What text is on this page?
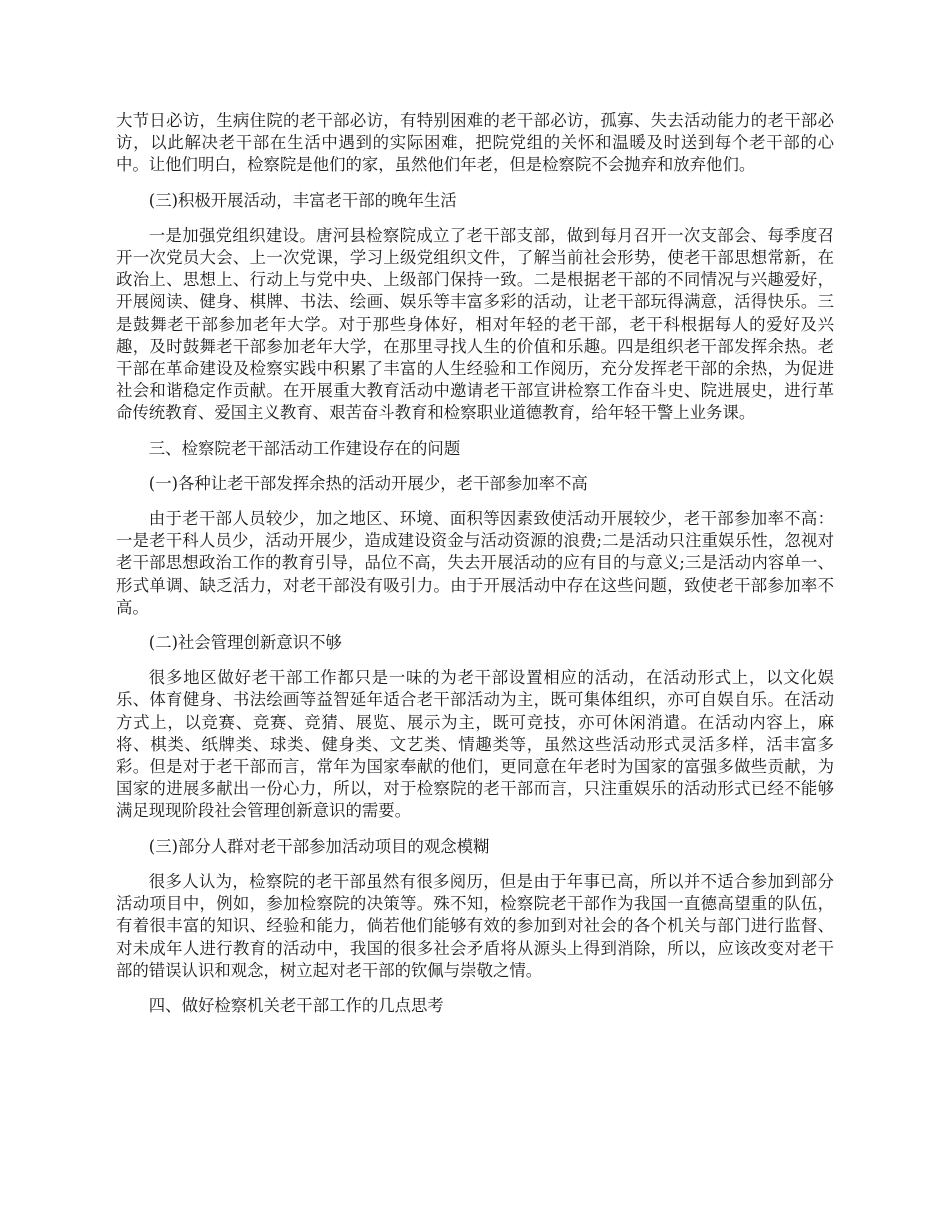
大节日必访，生病住院的老干部必访，有特别困难的老干部必访，孤寡、失去活动能力的老干部必访，以此解决老干部在生活中遇到的实际困难，把院党组的关怀和温暖及时送到每个老干部的心中。让他们明白，检察院是他们的家，虽然他们年老，但是检察院不会抛弃和放弃他们。

(三)积极开展活动，丰富老干部的晚年生活

一是加强党组织建设。唐河县检察院成立了老干部支部，做到每月召开一次支部会、每季度召开一次党员大会、上一次党课，学习上级党组织文件，了解当前社会形势，使老干部思想常新，在政治上、思想上、行动上与党中央、上级部门保持一致。二是根据老干部的不同情况与兴趣爱好，开展阅读、健身、棋牌、书法、绘画、娱乐等丰富多彩的活动，让老干部玩得满意，活得快乐。三是鼓舞老干部参加老年大学。对于那些身体好，相对年轻的老干部，老干科根据每人的爱好及兴趣，及时鼓舞老干部参加老年大学，在那里寻找人生的价值和乐趣。四是组织老干部发挥余热。老干部在革命建设及检察实践中积累了丰富的人生经验和工作阅历，充分发挥老干部的余热，为促进社会和谐稳定作贡献。在开展重大教育活动中邀请老干部宣讲检察工作奋斗史、院进展史，进行革命传统教育、爱国主义教育、艰苦奋斗教育和检察职业道德教育，给年轻干警上业务课。

三、检察院老干部活动工作建设存在的问题

(一)各种让老干部发挥余热的活动开展少，老干部参加率不高

由于老干部人员较少，加之地区、环境、面积等因素致使活动开展较少，老干部参加率不高：一是老干科人员少，活动开展少，造成建设资金与活动资源的浪费;二是活动只注重娱乐性，忽视对老干部思想政治工作的教育引导，品位不高，失去开展活动的应有目的与意义;三是活动内容单一、形式单调、缺乏活力，对老干部没有吸引力。由于开展活动中存在这些问题，致使老干部参加率不高。

(二)社会管理创新意识不够

很多地区做好老干部工作都只是一味的为老干部设置相应的活动，在活动形式上，以文化娱乐、体育健身、书法绘画等益智延年适合老干部活动为主，既可集体组织，亦可自娱自乐。在活动方式上，以竞赛、竞赛、竞猜、展览、展示为主，既可竞技，亦可休闲消遣。在活动内容上，麻将、棋类、纸牌类、球类、健身类、文艺类、情趣类等，虽然这些活动形式灵活多样，活丰富多彩。但是对于老干部而言，常年为国家奉献的他们，更同意在年老时为国家的富强多做些贡献，为国家的进展多献出一份心力，所以，对于检察院的老干部而言，只注重娱乐的活动形式已经不能够满足现现阶段社会管理创新意识的需要。

(三)部分人群对老干部参加活动项目的观念模糊

很多人认为，检察院的老干部虽然有很多阅历，但是由于年事已高，所以并不适合参加到部分活动项目中，例如，参加检察院的决策等。殊不知，检察院老干部作为我国一直德高望重的队伍，有着很丰富的知识、经验和能力，倘若他们能够有效的参加到对社会的各个机关与部门进行监督、对未成年人进行教育的活动中，我国的很多社会矛盾将从源头上得到消除，所以，应该改变对老干部的错误认识和观念，树立起对老干部的钦佩与崇敬之情。

四、做好检察机关老干部工作的几点思考
